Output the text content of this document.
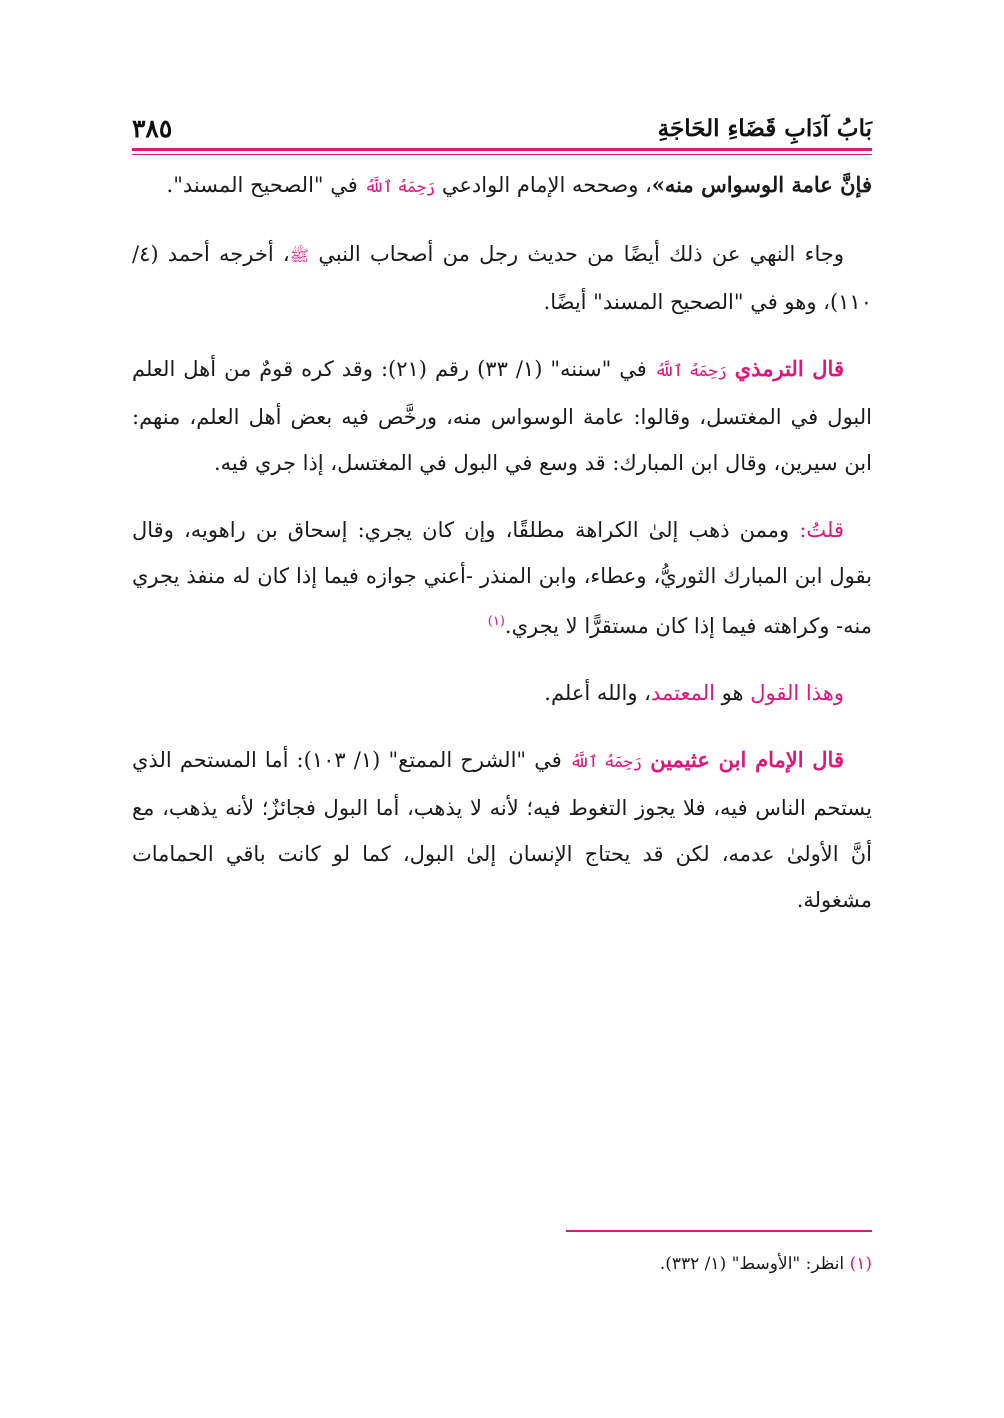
٣٨٥	بَابُ آدَابِ قَضَاءِ الحَاجَةِ

فإنَّ عامة الوسواس منه»، وصححه الإمام الوادعي رَحِمَهُ ٱللَّهُ في "الصحيح المسند".

وجاء النهي عن ذلك أيضًا من حديث رجل من أصحاب النبي ﷺ، أخرجه أحمد (٤/ ١١٠)، وهو في "الصحيح المسند" أيضًا.

قال الترمذي رَحِمَهُ ٱللَّهُ في "سننه" (١/ ٣٣) رقم (٢١): وقد كره قومٌ من أهل العلم البول في المغتسل، وقالوا: عامة الوسواس منه، ورخَّص فيه بعض أهل العلم، منهم: ابن سيرين، وقال ابن المبارك: قد وسع في البول في المغتسل، إذا جري فيه.

قلتُ: وممن ذهب إلىٰ الكراهة مطلقًا، وإن كان يجري: إسحاق بن راهويه، وقال بقول ابن المبارك الثوريُّ، وعطاء، وابن المنذر -أعني جوازه فيما إذا كان له منفذ يجري منه- وكراهته فيما إذا كان مستقرًّا لا يجري.$^{(١)}$

وهذا القول هو المعتمد، والله أعلم.

قال الإمام ابن عثيمين رَحِمَهُ ٱللَّهُ في "الشرح الممتع" (١/ ١٠٣): أما المستحم الذي يستحم الناس فيه، فلا يجوز التغوط فيه؛ لأنه لا يذهب، أما البول فجائزٌ؛ لأنه يذهب، مع أنَّ الأولىٰ عدمه، لكن قد يحتاج الإنسان إلىٰ البول، كما لو كانت باقي الحمامات مشغولة.

(١) انظر: "الأوسط" (١/ ٣٣٢).
